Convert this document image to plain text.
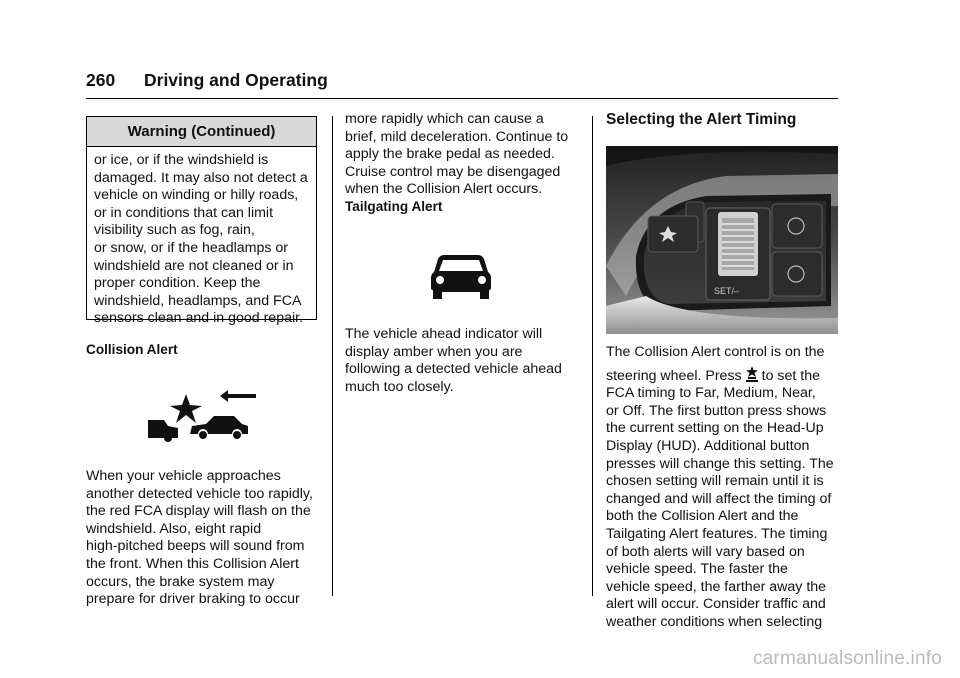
260 Driving and Operating
Warning (Continued)

or ice, or if the windshield is

damaged. It may also not detect a

vehicle on winding or hilly roads,

or in conditions that can limit

visibility such as fog, rain,

or snow, or if the headlamps or

windshield are not cleaned or in

proper condition. Keep the

windshield, headlamps, and FCA

sensors clean and in good repair.

Collision Alert

When your vehicle approaches

another detected vehicle too rapidly,

the red FCA display will flash on the

windshield. Also, eight rapid

high-pitched beeps will sound from

the front. When this Collision Alert

occurs, the brake system may

prepare for driver braking to occur

more rapidly which can cause a

brief, mild deceleration. Continue to

apply the brake pedal as needed.

Cruise control may be disengaged

when the Collision Alert occurs.

Tailgating Alert

The vehicle ahead indicator will

display amber when you are

following a detected vehicle ahead

much too closely.

Selecting the Alert Timing
SET/–

The Collision Alert control is on the

steering wheel. Press to set the

FCA timing to Far, Medium, Near,

or Off. The first button press shows

the current setting on the Head-Up

Display (HUD). Additional button

presses will change this setting. The

chosen setting will remain until it is

changed and will affect the timing of

both the Collision Alert and the

Tailgating Alert features. The timing

of both alerts will vary based on

vehicle speed. The faster the

vehicle speed, the farther away the

alert will occur. Consider traffic and

weather conditions when selecting

carmanualsonline.info
